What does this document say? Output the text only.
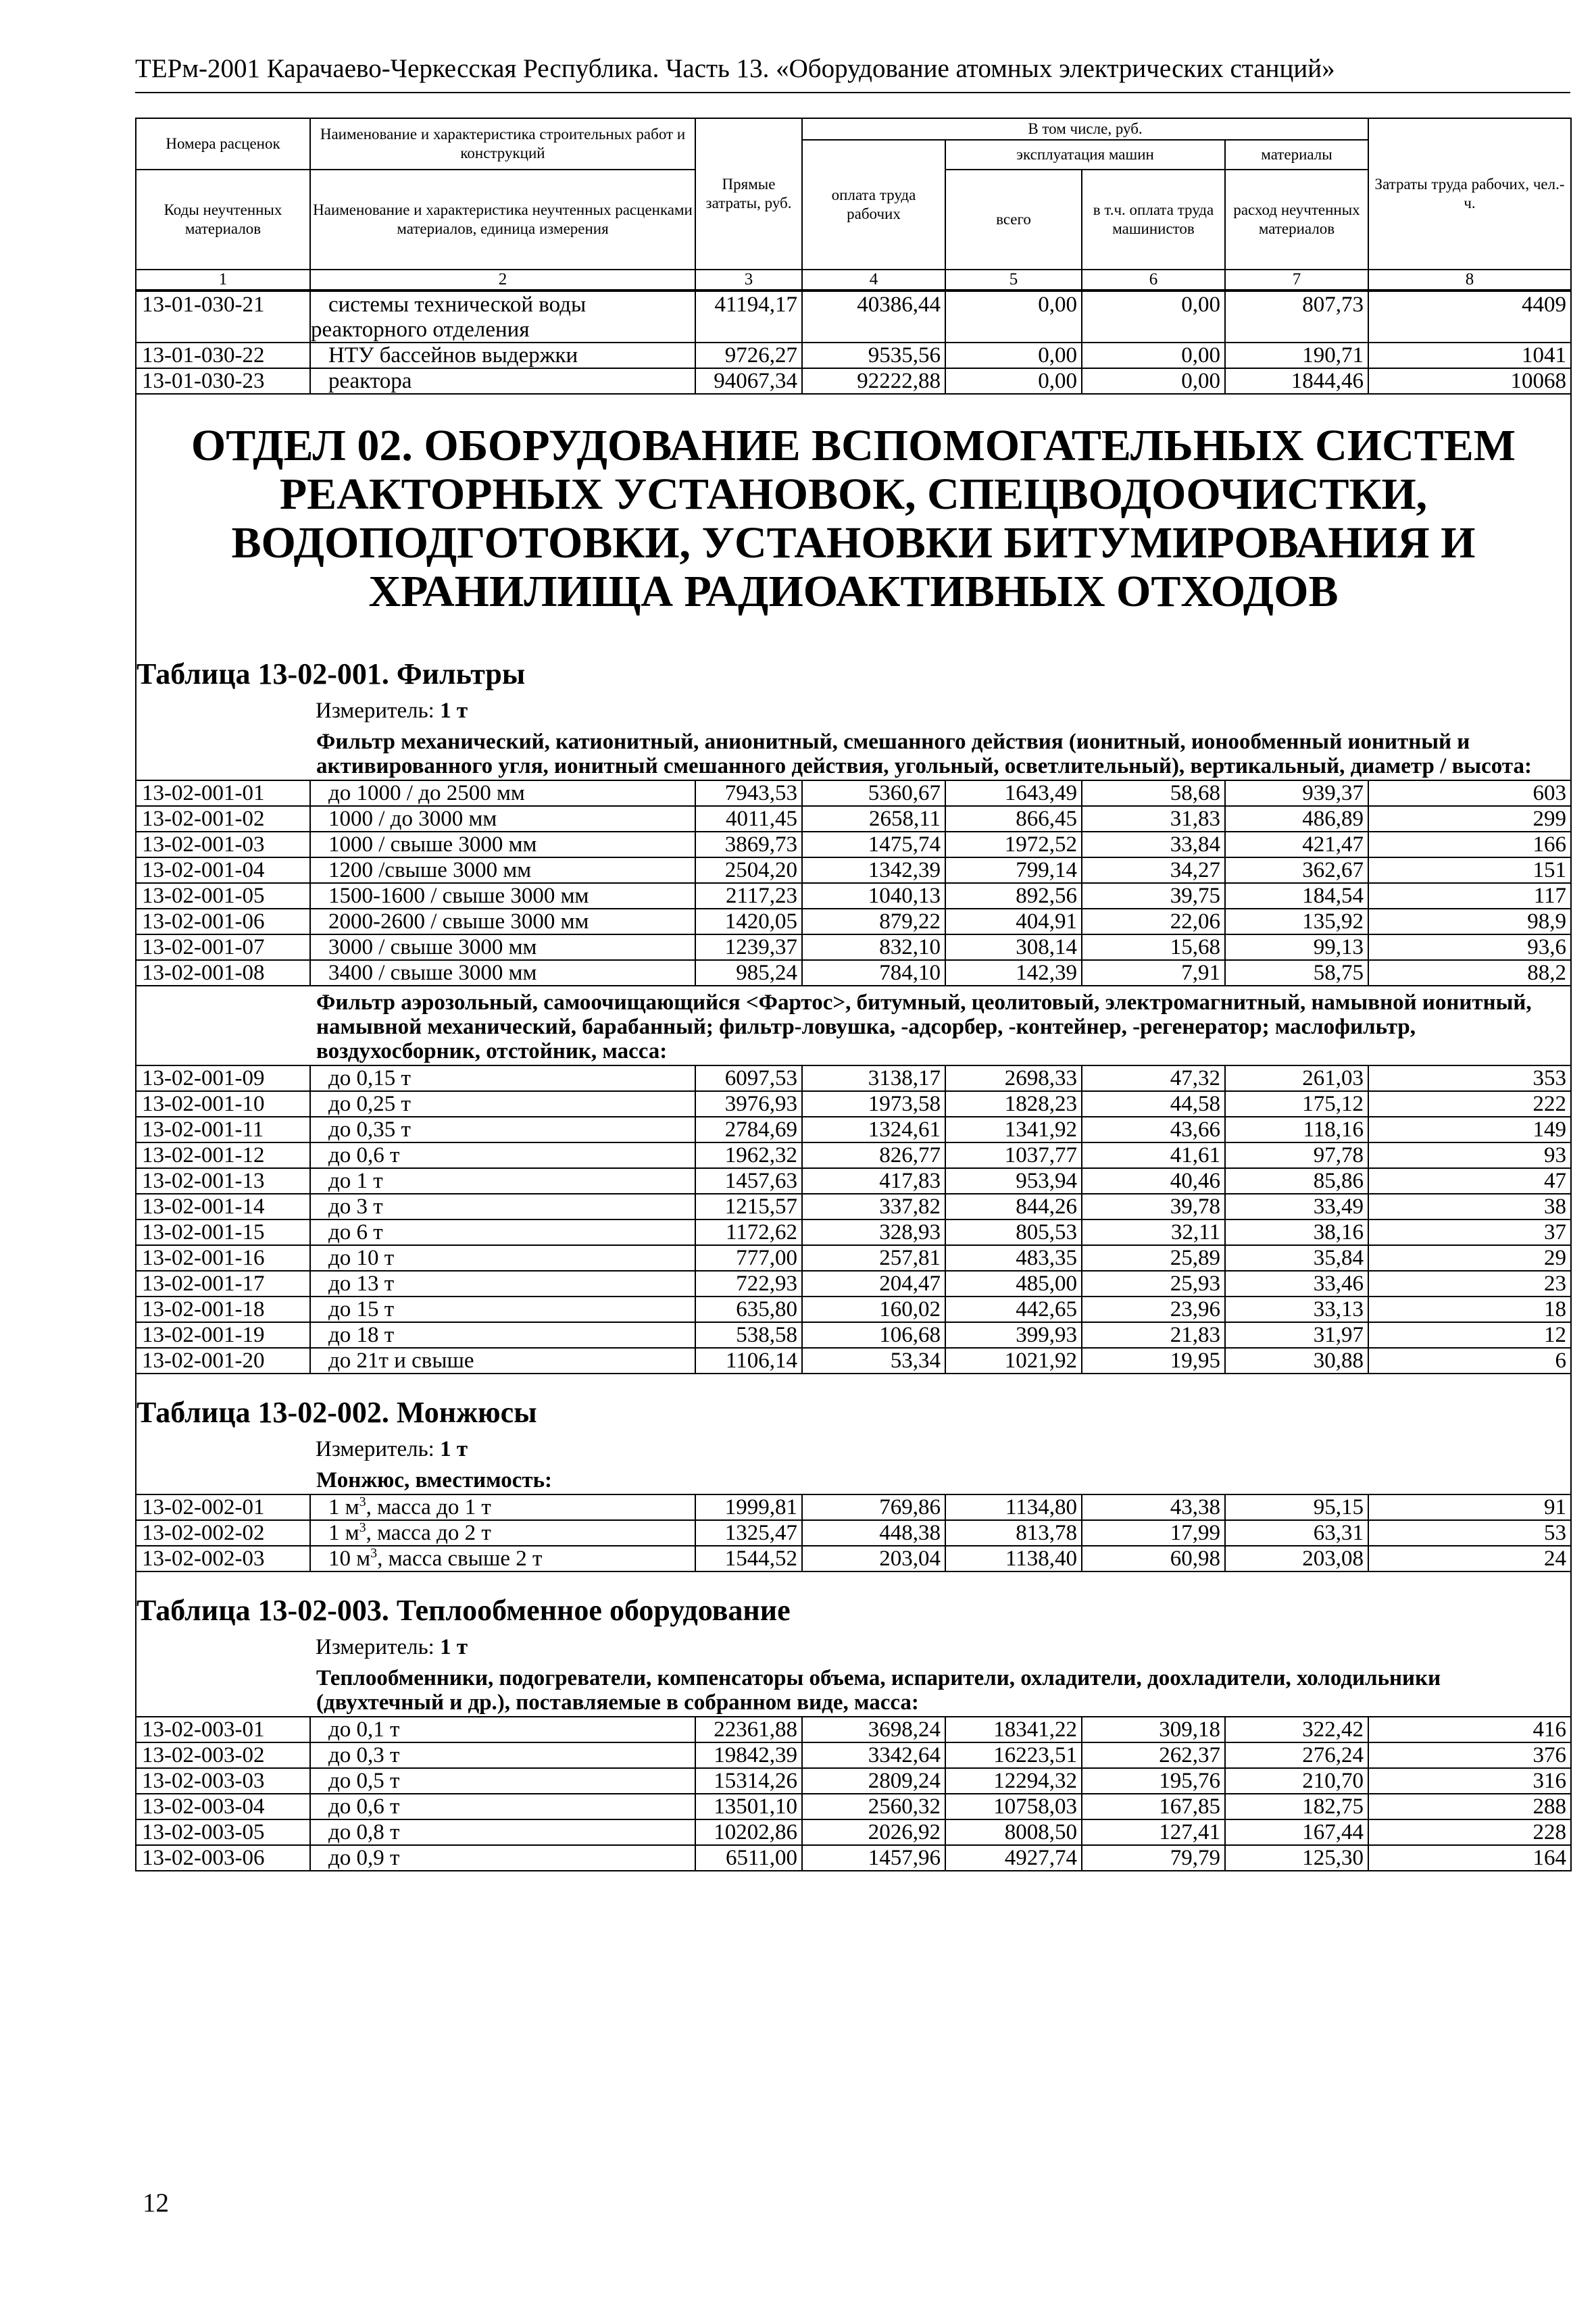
ТЕРм-2001 Карачаево-Черкесская Республика. Часть 13. «Оборудование атомных электрических станций»
Номера расценок	Наименование и характеристика строительных работ и конструкций	Прямые затраты, руб.	В том числе, руб.				Затраты труда рабочих, чел.-ч.
			оплата труда рабочих	эксплуатация машин		материалы	
Коды неучтенных материалов	Наименование и характеристика неучтенных расценками материалов, единица измерения			всего	в т.ч. оплата труда машинистов	расход неучтенных материалов	

1	2	3	4	5	6	7	8
13-01-030-21	системы технической воды	41194,17	40386,44	0,00	0,00	807,73	4409
	реакторного отделения						
13-01-030-22	НТУ бассейнов выдержки	9726,27	9535,56	0,00	0,00	190,71	1041
13-01-030-23	реактора	94067,34	92222,88	0,00	0,00	1844,46	10068

ОТДЕЛ 02. ОБОРУДОВАНИЕ ВСПОМОГАТЕЛЬНЫХ СИСТЕМ РЕАКТОРНЫХ УСТАНОВОК, СПЕЦВОДООЧИСТКИ, ВОДОПОДГОТОВКИ, УСТАНОВКИ БИТУМИРОВАНИЯ И ХРАНИЛИЩА РАДИОАКТИВНЫХ ОТХОДОВ							

Таблица 13-02-001. Фильтры							

Измеритель: 1 т							
Фильтр механический, катионитный, анионитный, смешанного действия (ионитный, ионообменный ионитный и активированного угля, ионитный смешанного действия, угольный, осветлительный), вертикальный, диаметр / высота:							
13-02-001-01	до 1000 / до 2500 мм	7943,53	5360,67	1643,49	58,68	939,37	603
13-02-001-02	1000 / до 3000 мм	4011,45	2658,11	866,45	31,83	486,89	299
13-02-001-03	1000 / свыше 3000 мм	3869,73	1475,74	1972,52	33,84	421,47	166
13-02-001-04	1200 /свыше 3000 мм	2504,20	1342,39	799,14	34,27	362,67	151
13-02-001-05	1500-1600 / свыше 3000 мм	2117,23	1040,13	892,56	39,75	184,54	117
13-02-001-06	2000-2600 / свыше 3000 мм	1420,05	879,22	404,91	22,06	135,92	98,9
13-02-001-07	3000 / свыше 3000 мм	1239,37	832,10	308,14	15,68	99,13	93,6
13-02-001-08	3400 / свыше 3000 мм	985,24	784,10	142,39	7,91	58,75	88,2
Фильтр аэрозольный, самоочищающийся <Фартос>, битумный, цеолитовый, электромагнитный, намывной ионитный, намывной механический, барабанный; фильтр-ловушка, -адсорбер, -контейнер, -регенератор; маслофильтр, воздухосборник, отстойник, масса:							
13-02-001-09	до 0,15 т	6097,53	3138,17	2698,33	47,32	261,03	353
13-02-001-10	до 0,25 т	3976,93	1973,58	1828,23	44,58	175,12	222
13-02-001-11	до 0,35 т	2784,69	1324,61	1341,92	43,66	118,16	149
13-02-001-12	до 0,6 т	1962,32	826,77	1037,77	41,61	97,78	93
13-02-001-13	до 1 т	1457,63	417,83	953,94	40,46	85,86	47
13-02-001-14	до 3 т	1215,57	337,82	844,26	39,78	33,49	38
13-02-001-15	до 6 т	1172,62	328,93	805,53	32,11	38,16	37
13-02-001-16	до 10 т	777,00	257,81	483,35	25,89	35,84	29
13-02-001-17	до 13 т	722,93	204,47	485,00	25,93	33,46	23
13-02-001-18	до 15 т	635,80	160,02	442,65	23,96	33,13	18
13-02-001-19	до 18 т	538,58	106,68	399,93	21,83	31,97	12
13-02-001-20	до 21т и свыше	1106,14	53,34	1021,92	19,95	30,88	6

Таблица 13-02-002. Монжюсы							

Измеритель: 1 т							
Монжюс, вместимость:							
13-02-002-01	1 $м^3$, масса до 1 т	1999,81	769,86	1134,80	43,38	95,15	91
13-02-002-02	1 $м^3$, масса до 2 т	1325,47	448,38	813,78	17,99	63,31	53
13-02-002-03	10 $м^3$, масса свыше 2 т	1544,52	203,04	1138,40	60,98	203,08	24

Таблица 13-02-003. Теплообменное оборудование							

Измеритель: 1 т							
Теплообменники, подогреватели, компенсаторы объема, испарители, охладители, доохладители, холодильники (двухтечный и др.), поставляемые в собранном виде, масса:							
13-02-003-01	до 0,1 т	22361,88	3698,24	18341,22	309,18	322,42	416
13-02-003-02	до 0,3 т	19842,39	3342,64	16223,51	262,37	276,24	376
13-02-003-03	до 0,5 т	15314,26	2809,24	12294,32	195,76	210,70	316
13-02-003-04	до 0,6 т	13501,10	2560,32	10758,03	167,85	182,75	288
13-02-003-05	до 0,8 т	10202,86	2026,92	8008,50	127,41	167,44	228
13-02-003-06	до 0,9 т	6511,00	1457,96	4927,74	79,79	125,30	164
12
